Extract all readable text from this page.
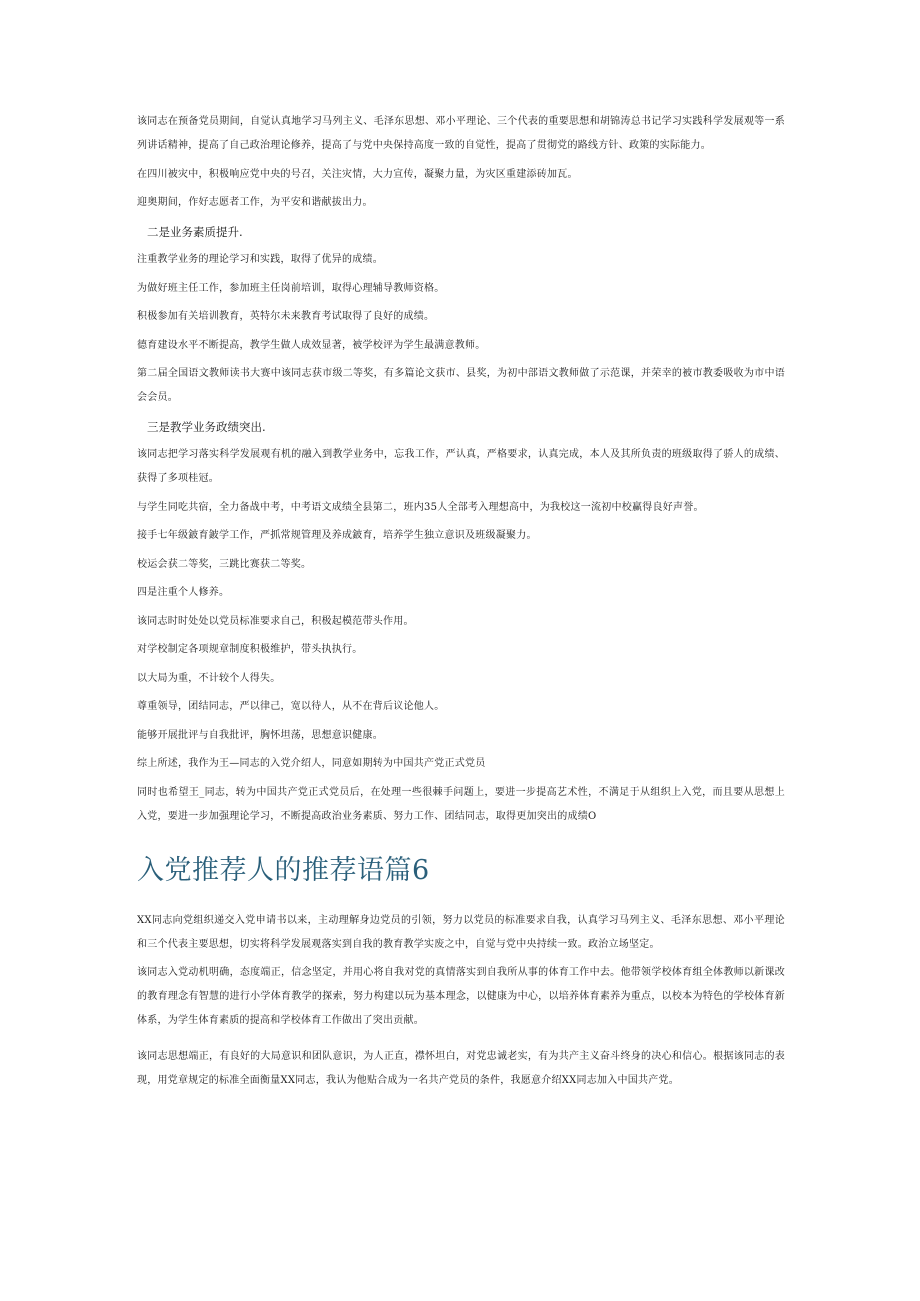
该同志在预备党员期间，自觉认真地学习马列主义、毛泽东思想、邓小平理论、三个代表的重要思想和胡锦涛总书记学习实践科学发展观等一系列讲话精神，提高了自己政治理论修养，提高了与党中央保持高度一致的自觉性，提高了贯彻党的路线方针、政策的实际能力。

在四川被灾中，积极响应党中央的号召，关注灾情，大力宣传，凝聚力量，为灾区重建添砖加瓦。

迎奥期间，作好志愿者工作，为平安和谐献拔出力。

二是业务素质提升.

注重教学业务的理论学习和实践，取得了优异的成绩。

为做好班主任工作，参加班主任岗前培训，取得心理辅导教师资格。

积极参加有关培训教育，英特尔未来教育考试取得了良好的成绩。

德育建设水平不断提高，教学生做人成效显著，被学校评为学生最满意教师。

第二届全国语文教师读书大赛中该同志获市级二等奖，有多篇论文获市、县奖，为初中部语文教师做了示范课，并荣幸的被市教委吸收为市中语会会员。

三是教学业务政绩突出.

该同志把学习落实科学发展观有机的融入到教学业务中，忘我工作，严认真，严格要求，认真完成，本人及其所负责的班级取得了骄人的成绩、获得了多项桂冠。

与学生同吃共宿，全力备战中考，中考语文成绩全县第二，班内35人全部考入理想高中，为我校这一流初中校赢得良好声誉。

接手七年级鈹育鈹学工作，严抓常规管理及养成鈹育，培养学生独立意识及班级凝聚力。

校运会获二等奖，三跳比赛获二等奖。

四是注重个人修养。

该同志时时处处以党员标准要求自己，积极起模范带头作用。

对学校制定各项规章制度积极维护，带头执执行。

以大局为重，不计较个人得失。

尊重领导，团结同志，严以律己，宽以待人，从不在背后议论他人。

能够开展批评与自我批评，胸怀坦荡，思想意识健康。

综上所述，我作为王—同志的入党介绍人，同意如期转为中国共产党正式党员

同时也希望王_同志，转为中国共产党正式党员后，在处理一些很棘手问题上，要进一步提高艺术性，不满足于从组织上入党，而且要从思想上入党，要进一步加强理论学习，不断提高政治业务素质、努力工作、团结同志，取得更加突出的成绩O

入党推荐人的推荐语篇6

XX同志向党组织递交入党申请书以来，主动理解身边党员的引领，努力以党员的标准要求自我，认真学习马列主义、毛泽东思想、邓小平理论和三个代表主要思想，切实将科学发展观落实到自我的教育教学实废之中，自觉与党中央持续一致。政治立场坚定。

该同志入党动机明确，态度端正，信念坚定，并用心将自我对党的真情落实到自我所从事的体育工作中去。他带领学校体育组全体教师以新课改的教育理念有智慧的进行小学体育教学的探索，努力构建以玩为基本理念，以健康为中心，以培养体育素养为重点，以校本为特色的学校体育新体系，为学生体育素质的提高和学校体育工作做出了突出贡献。

该同志思想端正，有良好的大局意识和团队意识，为人正直，襟怀坦白，对党忠诚老实，有为共产主义奋斗终身的决心和信心。根据该同志的表现，用党章规定的标准全面衡量XX同志，我认为他贴合成为一名共产党员的条件，我愿意介绍XX同志加入中国共产党。
